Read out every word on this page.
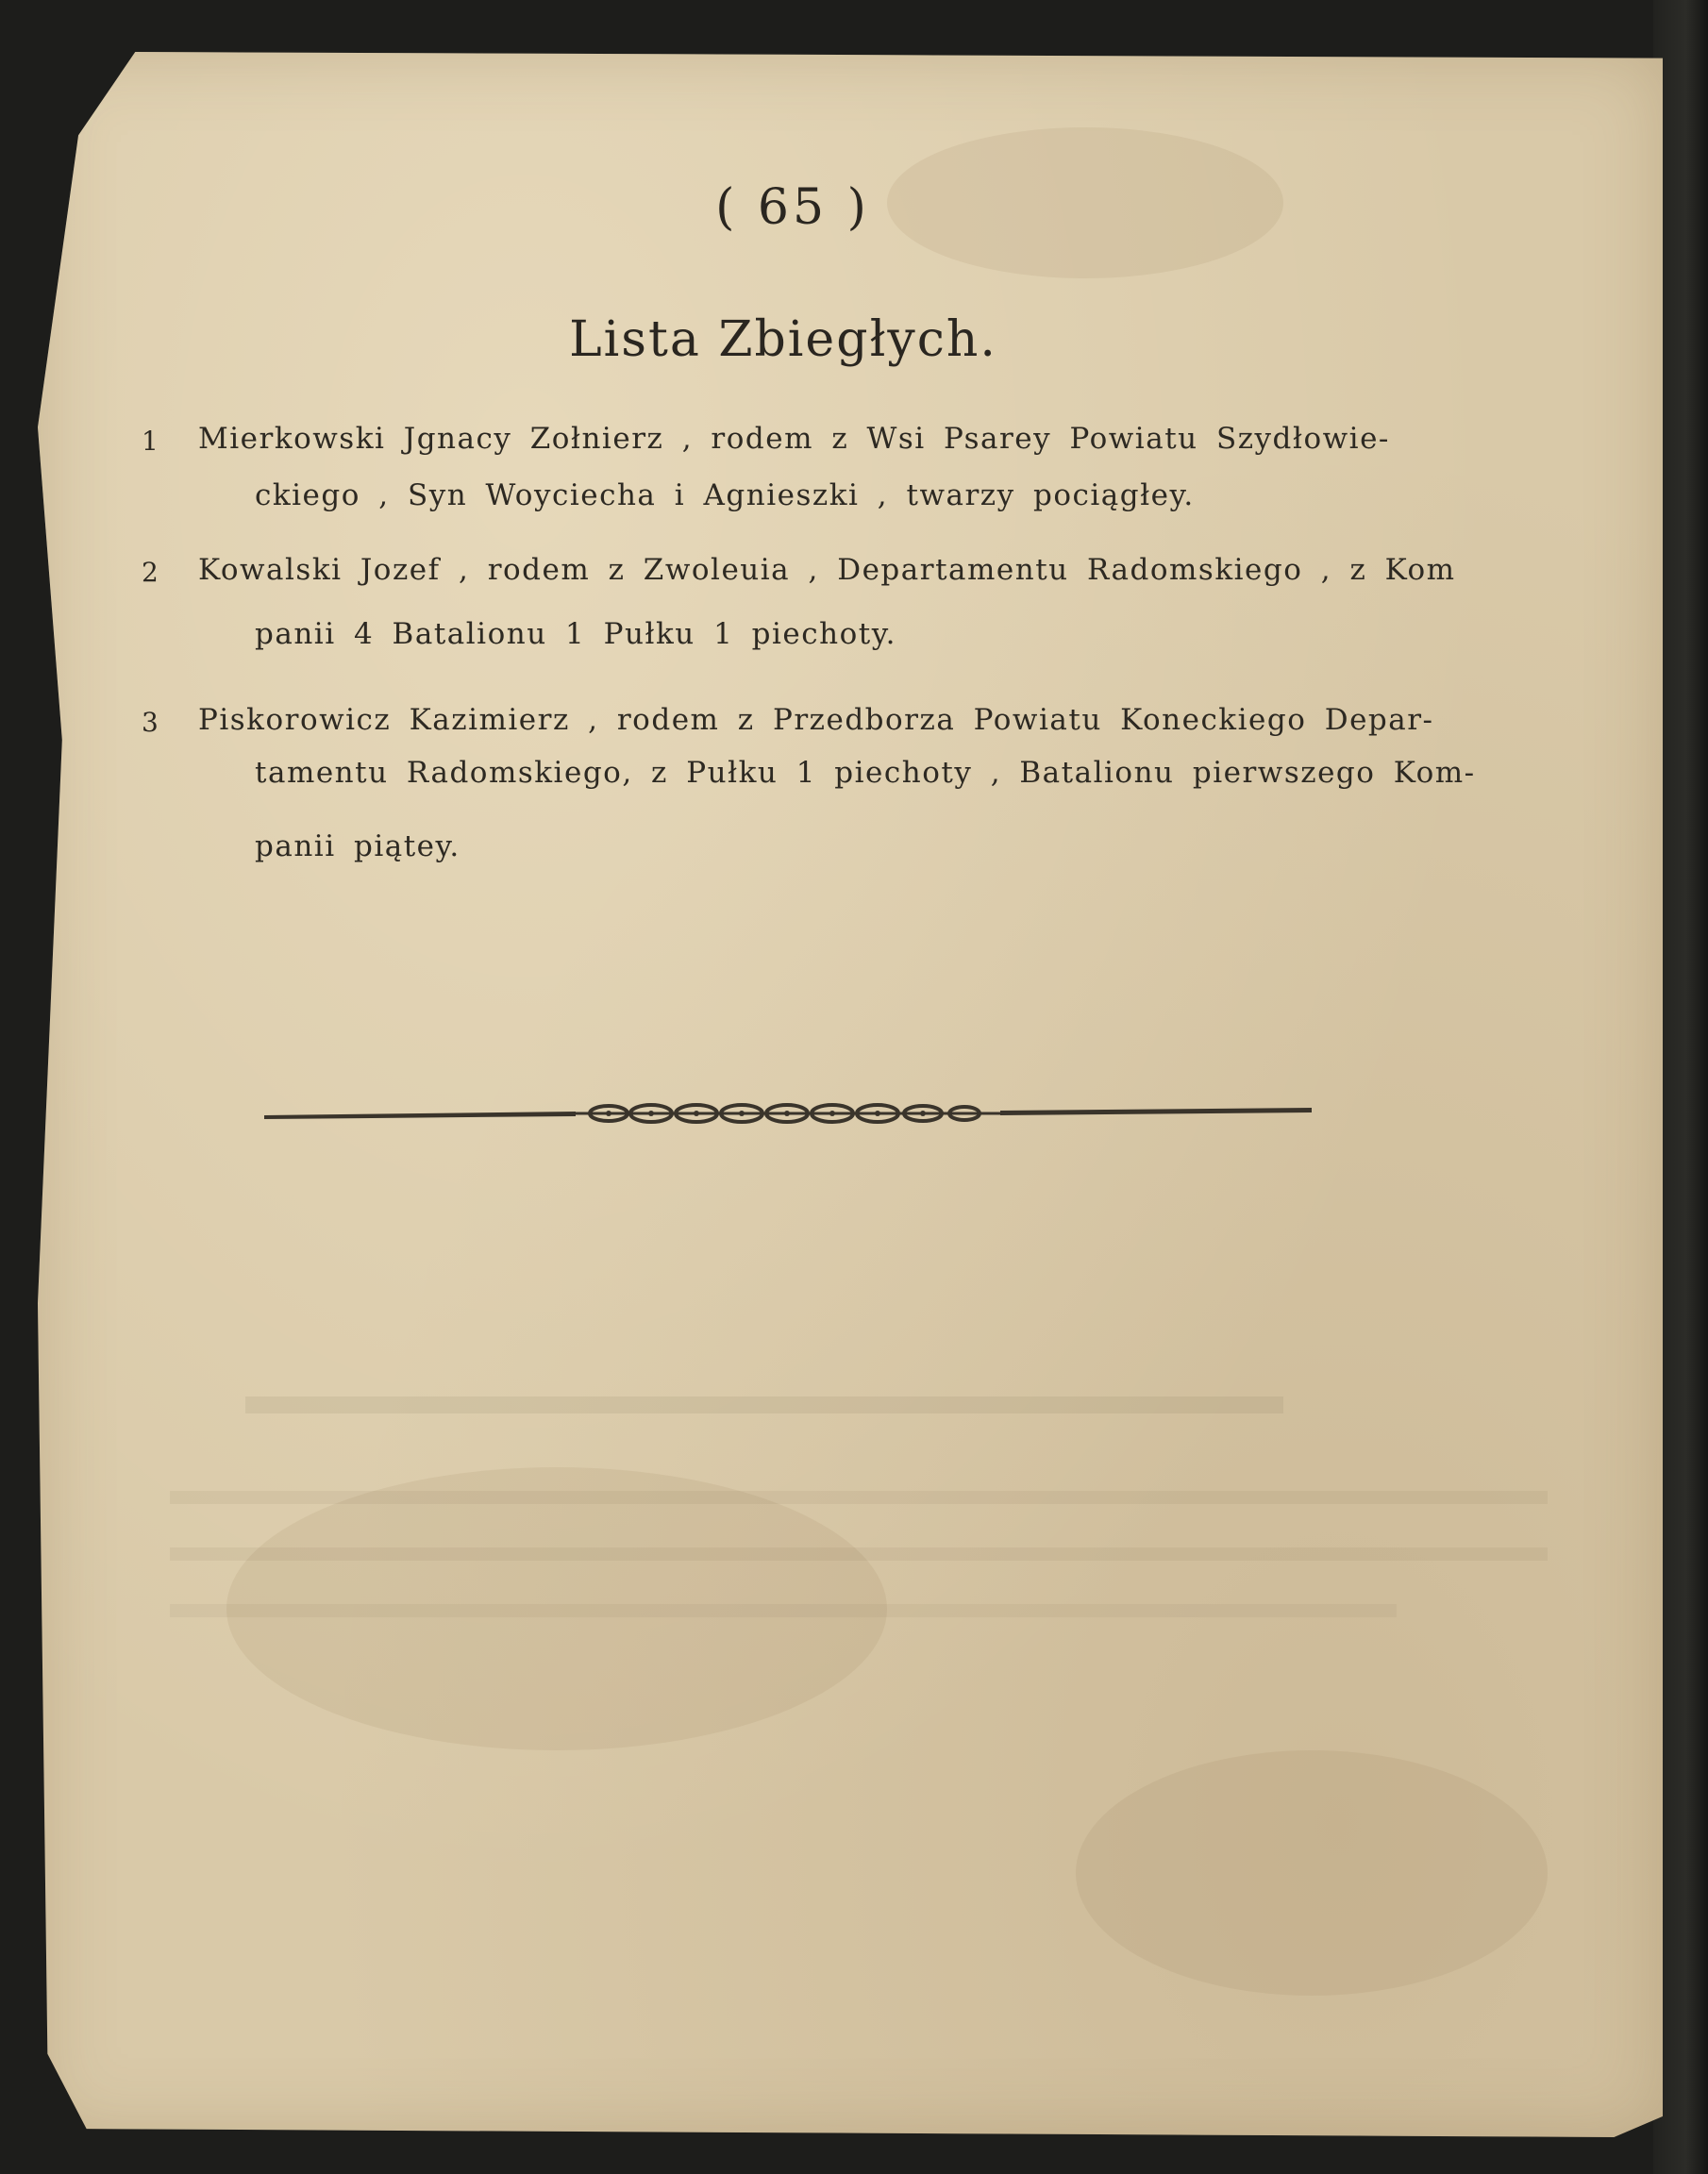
( 65 )
Lista Zbiegłych.
1	Mierkowski Jgnacy Zołnierz , rodem z Wsi Psarey Powiatu Szydłowie-
ckiego , Syn Woyciecha i Agnieszki , twarzy pociągłey.
2	Kowalski Jozef , rodem z Zwoleuia , Departamentu Radomskiego , z Kom
panii 4 Batalionu 1 Pułku 1 piechoty.
3	Piskorowicz Kazimierz , rodem z Przedborza Powiatu Koneckiego Depar-
tamentu Radomskiego, z Pułku 1 piechoty , Batalionu pierwszego Kom-
panii piątey.
